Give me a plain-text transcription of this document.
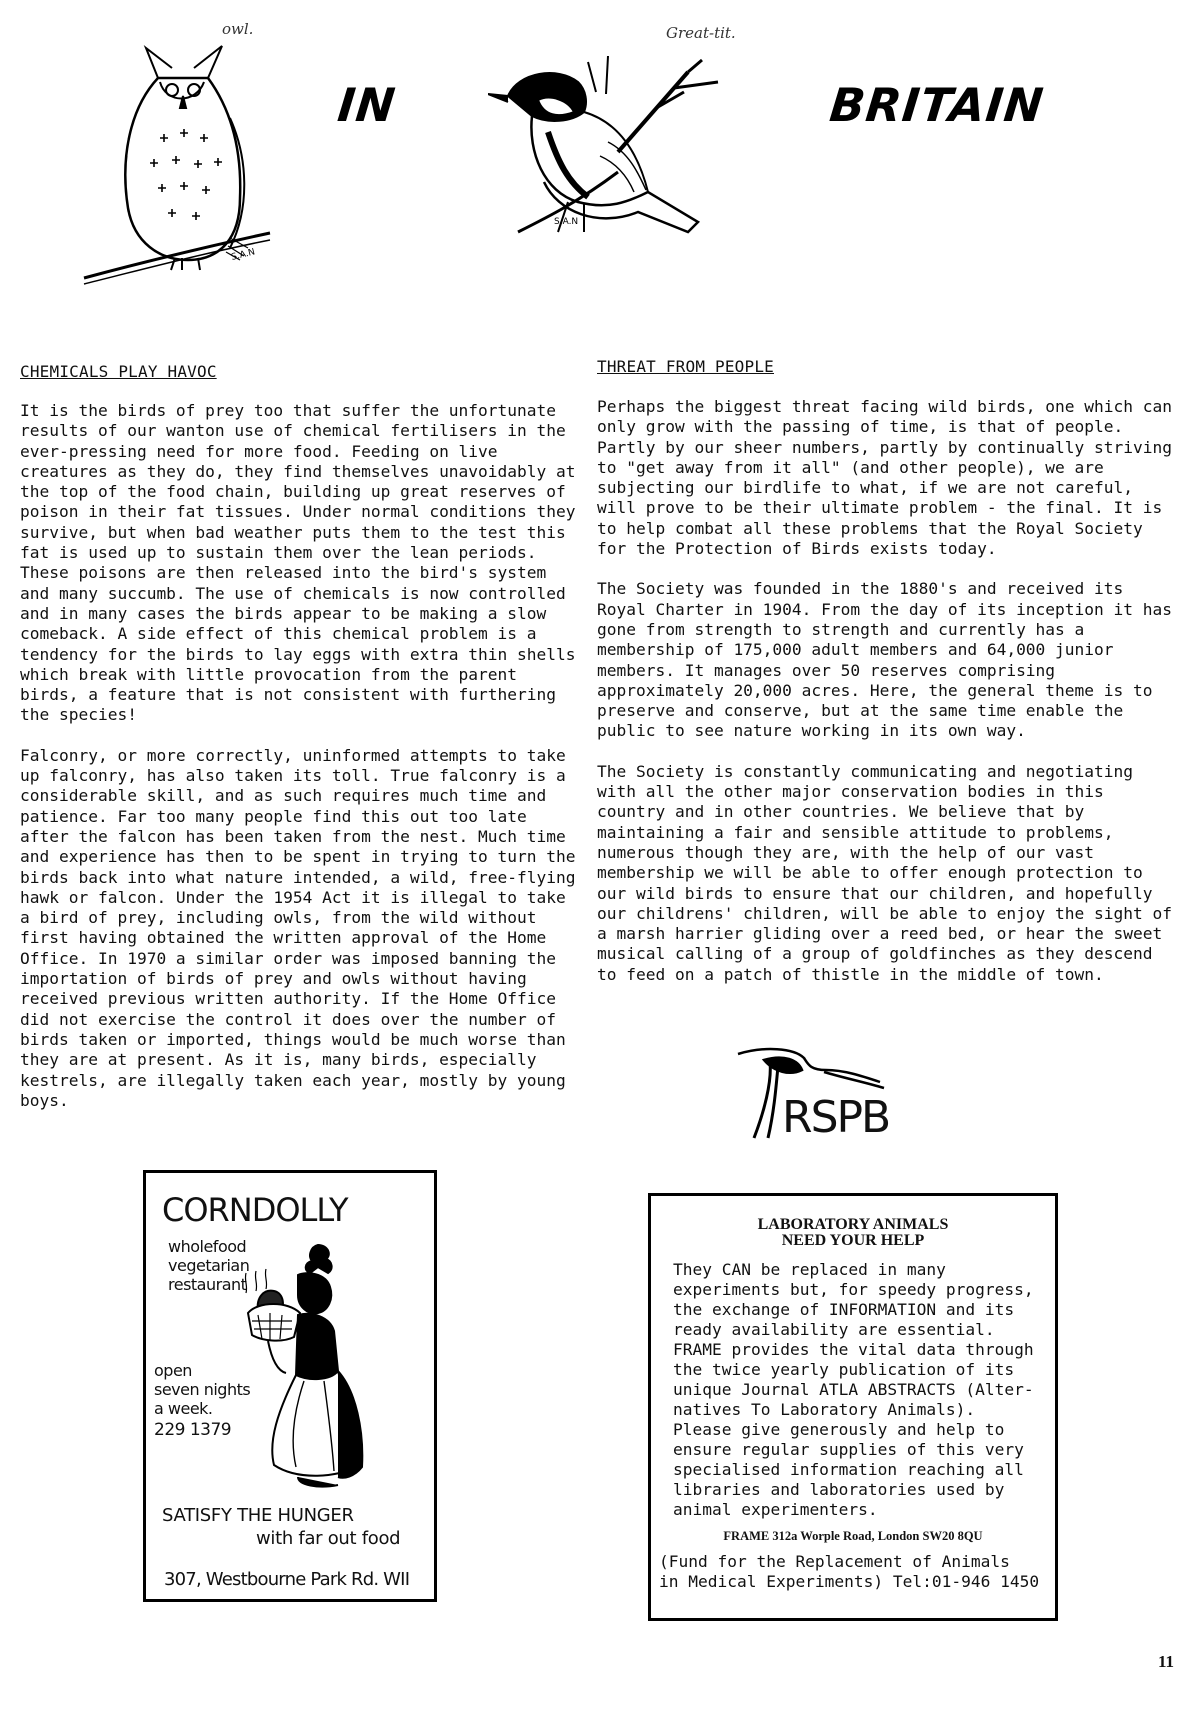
owl.	Great-tit.
S.A.N
IN
S.A.N
BRITAIN
CHEMICALS PLAY HAVOC

It is the birds of prey too that suffer the unfortunate results of our wanton use of chemical fertilisers in the ever-pressing need for more food. Feeding on live creatures as they do, they find themselves unavoidably at the top of the food chain, building up great reserves of poison in their fat tissues. Under normal conditions they survive, but when bad weather puts them to the test this fat is used up to sustain them over the lean periods. These poisons are then released into the bird's system and many succumb. The use of chemicals is now controlled and in many cases the birds appear to be making a slow comeback. A side effect of this chemical problem is a tendency for the birds to lay eggs with extra thin shells which break with little provocation from the parent birds, a feature that is not consistent with furthering the species!

Falconry, or more correctly, uninformed attempts to take up falconry, has also taken its toll. True falconry is a considerable skill, and as such requires much time and patience. Far too many people find this out too late after the falcon has been taken from the nest. Much time and experience has then to be spent in trying to turn the birds back into what nature intended, a wild, free-flying hawk or falcon. Under the 1954 Act it is illegal to take a bird of prey, including owls, from the wild without first having obtained the written approval of the Home Office. In 1970 a similar order was imposed banning the importation of birds of prey and owls without having received previous written authority. If the Home Office did not exercise the control it does over the number of birds taken or imported, things would be much worse than they are at present. As it is, many birds, especially kestrels, are illegally taken each year, mostly by young boys.

THREAT FROM PEOPLE

Perhaps the biggest threat facing wild birds, one which can only grow with the passing of time, is that of people. Partly by our sheer numbers, partly by continually striving to "get away from it all" (and other people), we are subjecting our birdlife to what, if we are not careful, will prove to be their ultimate problem - the final. It is to help combat all these problems that the Royal Society for the Protection of Birds exists today.

The Society was founded in the 1880's and received its Royal Charter in 1904. From the day of its inception it has gone from strength to strength and currently has a membership of 175,000 adult members and 64,000 junior members. It manages over 50 reserves comprising approximately 20,000 acres. Here, the general theme is to preserve and conserve, but at the same time enable the public to see nature working in its own way.

The Society is constantly communicating and negotiating with all the other major conservation bodies in this country and in other countries. We believe that by maintaining a fair and sensible attitude to problems, numerous though they are, with the help of our vast membership we will be able to offer enough protection to our wild birds to ensure that our children, and hopefully our childrens' children, will be able to enjoy the sight of a marsh harrier gliding over a reed bed, or hear the sweet musical calling of a group of goldfinches as they descend to feed on a patch of thistle in the middle of town.

RSPB
CORNDOLLY
wholefood
vegetarian
restaurant
open
seven nights
a week.
229 1379
SATISFY THE HUNGER
with far out food
307, Westbourne Park Rd. WII
LABORATORY ANIMALS
NEED YOUR HELP
They CAN be replaced in many
experiments but, for speedy progress,
the exchange of INFORMATION and its
ready availability are essential.
FRAME provides the vital data through
the twice yearly publication of its
unique Journal ATLA ABSTRACTS (Alter-
natives To Laboratory Animals).
Please give generously and help to
ensure regular supplies of this very
specialised information reaching all
libraries and laboratories used by
animal experimenters.
FRAME 312a Worple Road, London SW20 8QU
(Fund for the Replacement of Animals
in Medical Experiments) Tel:01-946 1450
11
